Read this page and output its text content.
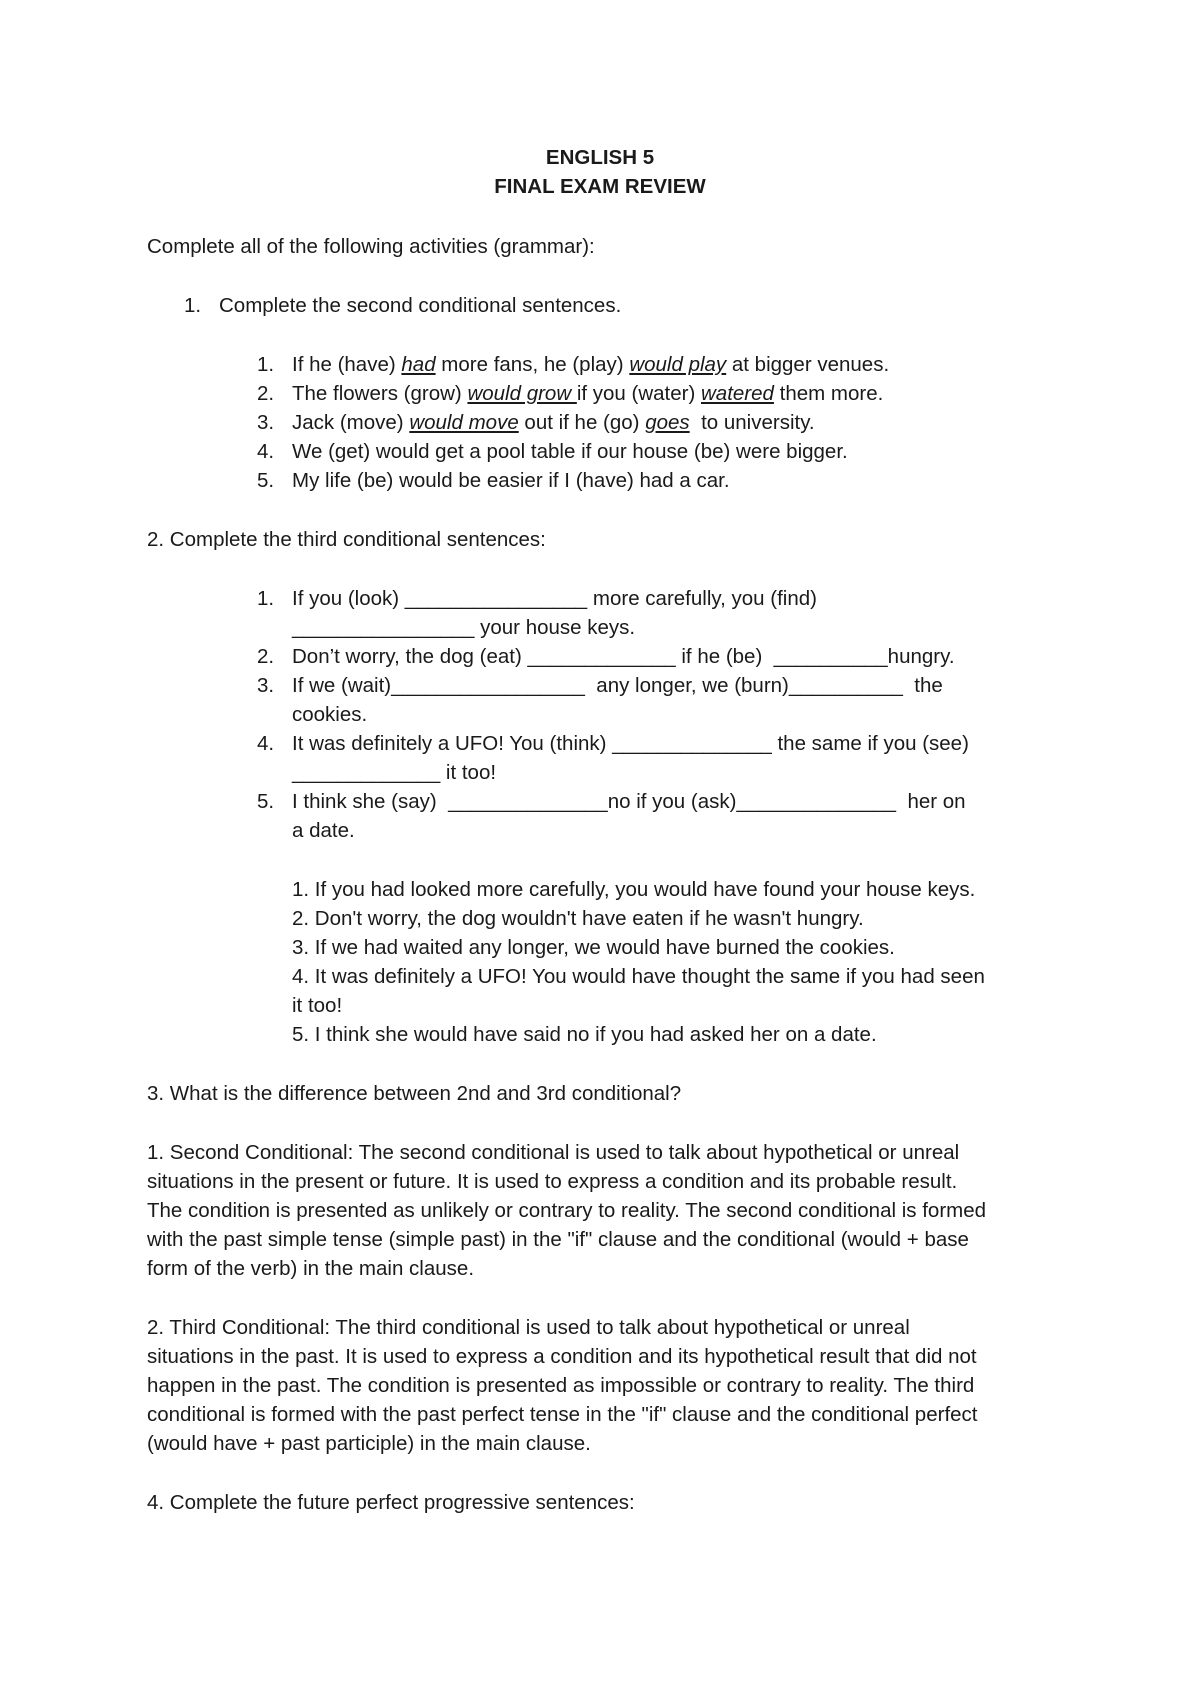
ENGLISH 5
FINAL EXAM REVIEW
Complete all of the following activities (grammar):
1. Complete the second conditional sentences.
1. If he (have) had more fans, he (play) would play at bigger venues.
2. The flowers (grow) would grow if you (water) watered them more.
3. Jack (move) would move out if he (go) goes  to university.
4. We (get) would get a pool table if our house (be) were bigger.
5. My life (be) would be easier if I (have) had a car.
2. Complete the third conditional sentences:
1. If you (look) ________________ more carefully, you (find)
________________ your house keys.
2. Don’t worry, the dog (eat) _____________ if he (be)  __________hungry.
3. If we (wait)_________________  any longer, we (burn)__________  the
cookies.
4. It was definitely a UFO! You (think) ______________ the same if you (see)
_____________ it too!
5. I think she (say)  ______________no if you (ask)______________  her on
a date.
1. If you had looked more carefully, you would have found your house keys.
2. Don't worry, the dog wouldn't have eaten if he wasn't hungry.
3. If we had waited any longer, we would have burned the cookies.
4. It was definitely a UFO! You would have thought the same if you had seen
it too!
5. I think she would have said no if you had asked her on a date.
3. What is the difference between 2nd and 3rd conditional?
1. Second Conditional: The second conditional is used to talk about hypothetical or unreal
situations in the present or future. It is used to express a condition and its probable result.
The condition is presented as unlikely or contrary to reality. The second conditional is formed
with the past simple tense (simple past) in the "if" clause and the conditional (would + base
form of the verb) in the main clause.
2. Third Conditional: The third conditional is used to talk about hypothetical or unreal
situations in the past. It is used to express a condition and its hypothetical result that did not
happen in the past. The condition is presented as impossible or contrary to reality. The third
conditional is formed with the past perfect tense in the "if" clause and the conditional perfect
(would have + past participle) in the main clause.
4. Complete the future perfect progressive sentences:
